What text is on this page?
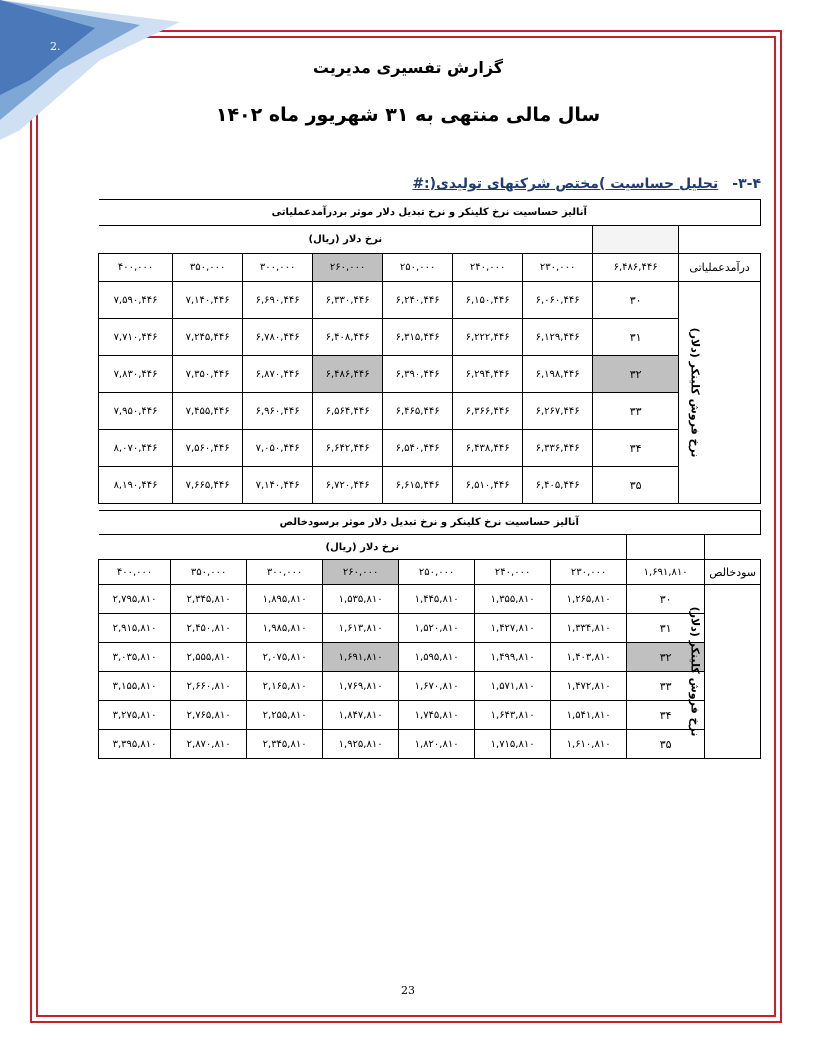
2.
گزارش تفسیری مدیریت
سال مالی منتهی به ۳۱ شهریور ماه ۱۴۰۲
۳-۴-تحلیل حساسیت )مختص شرکتهای تولیدی(:#
آنالیز حساسیت نرخ کلینکر و نرخ تبدیل دلار موثر بردرآمدعملیاتی								
		نرخ دلار (ریال)						
درآمدعملیاتی	۶,۴۸۶,۴۴۶	۲۳۰,۰۰۰	۲۴۰,۰۰۰	۲۵۰,۰۰۰	۲۶۰,۰۰۰	۳۰۰,۰۰۰	۳۵۰,۰۰۰	۴۰۰,۰۰۰
نرخ فروش کلینکر (دلار)	۳۰	۶,۰۶۰,۴۴۶	۶,۱۵۰,۴۴۶	۶,۲۴۰,۴۴۶	۶,۳۳۰,۴۴۶	۶,۶۹۰,۴۴۶	۷,۱۴۰,۴۴۶	۷,۵۹۰,۴۴۶
	۳۱	۶,۱۲۹,۴۴۶	۶,۲۲۲,۴۴۶	۶,۳۱۵,۴۴۶	۶,۴۰۸,۴۴۶	۶,۷۸۰,۴۴۶	۷,۲۴۵,۴۴۶	۷,۷۱۰,۴۴۶
	۳۲	۶,۱۹۸,۴۴۶	۶,۲۹۴,۴۴۶	۶,۳۹۰,۴۴۶	۶,۴۸۶,۴۴۶	۶,۸۷۰,۴۴۶	۷,۳۵۰,۴۴۶	۷,۸۳۰,۴۴۶
	۳۳	۶,۲۶۷,۴۴۶	۶,۳۶۶,۴۴۶	۶,۴۶۵,۴۴۶	۶,۵۶۴,۴۴۶	۶,۹۶۰,۴۴۶	۷,۴۵۵,۴۴۶	۷,۹۵۰,۴۴۶
	۳۴	۶,۳۳۶,۴۴۶	۶,۴۳۸,۴۴۶	۶,۵۴۰,۴۴۶	۶,۶۴۲,۴۴۶	۷,۰۵۰,۴۴۶	۷,۵۶۰,۴۴۶	۸,۰۷۰,۴۴۶
	۳۵	۶,۴۰۵,۴۴۶	۶,۵۱۰,۴۴۶	۶,۶۱۵,۴۴۶	۶,۷۲۰,۴۴۶	۷,۱۴۰,۴۴۶	۷,۶۶۵,۴۴۶	۸,۱۹۰,۴۴۶
آنالیز حساسیت نرخ کلینکر و نرخ تبدیل دلار موثر برسودخالص								
		نرخ دلار (ریال)						
سودخالص	۱,۶۹۱,۸۱۰	۲۳۰,۰۰۰	۲۴۰,۰۰۰	۲۵۰,۰۰۰	۲۶۰,۰۰۰	۳۰۰,۰۰۰	۳۵۰,۰۰۰	۴۰۰,۰۰۰
نرخ فروش کلینکر (دلار)	۳۰	۱,۲۶۵,۸۱۰	۱,۳۵۵,۸۱۰	۱,۴۴۵,۸۱۰	۱,۵۳۵,۸۱۰	۱,۸۹۵,۸۱۰	۲,۳۴۵,۸۱۰	۲,۷۹۵,۸۱۰
	۳۱	۱,۳۳۴,۸۱۰	۱,۴۲۷,۸۱۰	۱,۵۲۰,۸۱۰	۱,۶۱۳,۸۱۰	۱,۹۸۵,۸۱۰	۲,۴۵۰,۸۱۰	۲,۹۱۵,۸۱۰
	۳۲	۱,۴۰۳,۸۱۰	۱,۴۹۹,۸۱۰	۱,۵۹۵,۸۱۰	۱,۶۹۱,۸۱۰	۲,۰۷۵,۸۱۰	۲,۵۵۵,۸۱۰	۳,۰۳۵,۸۱۰
	۳۳	۱,۴۷۲,۸۱۰	۱,۵۷۱,۸۱۰	۱,۶۷۰,۸۱۰	۱,۷۶۹,۸۱۰	۲,۱۶۵,۸۱۰	۲,۶۶۰,۸۱۰	۳,۱۵۵,۸۱۰
	۳۴	۱,۵۴۱,۸۱۰	۱,۶۴۳,۸۱۰	۱,۷۴۵,۸۱۰	۱,۸۴۷,۸۱۰	۲,۲۵۵,۸۱۰	۲,۷۶۵,۸۱۰	۳,۲۷۵,۸۱۰
	۳۵	۱,۶۱۰,۸۱۰	۱,۷۱۵,۸۱۰	۱,۸۲۰,۸۱۰	۱,۹۲۵,۸۱۰	۲,۳۴۵,۸۱۰	۲,۸۷۰,۸۱۰	۳,۳۹۵,۸۱۰
23
